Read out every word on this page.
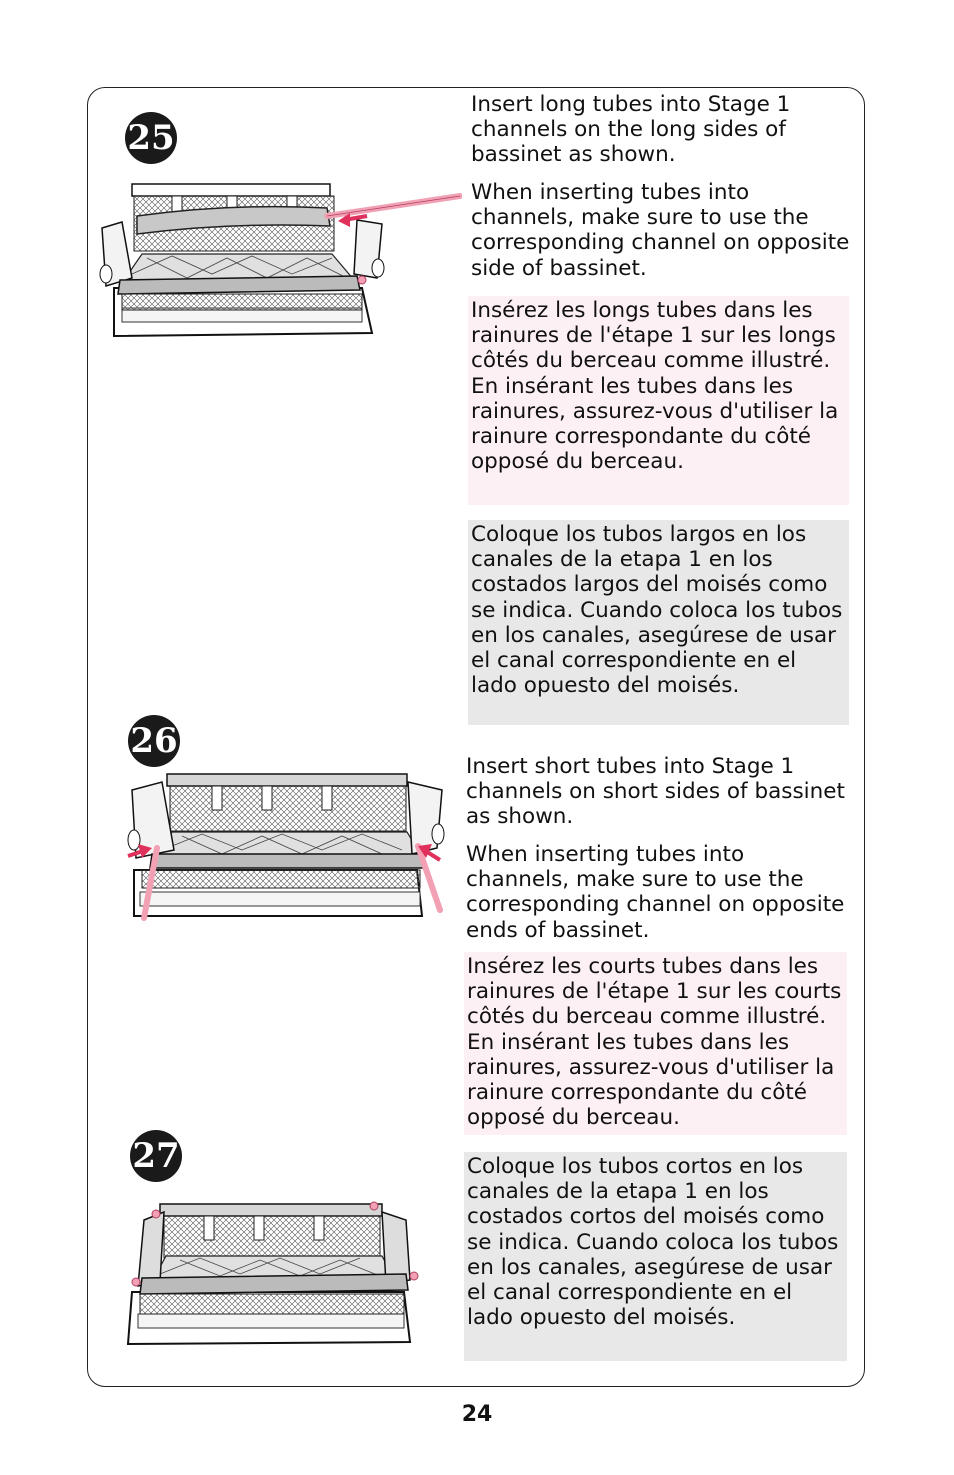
25

Insert long tubes into Stage 1 channels on the long sides of bassinet as shown.

When inserting tubes into channels, make sure to use the corresponding channel on opposite side of bassinet.

Insérez les longs tubes dans les rainures de l'étape 1 sur les longs côtés du berceau comme illustré. En insérant les tubes dans les rainures, assurez-vous d'utiliser la rainure correspondante du côté opposé du berceau.

Coloque los tubos largos en los canales de la etapa 1 en los costados largos del moisés como se indica. Cuando coloca los tubos en los canales, asegúrese de usar el canal correspondiente en el lado opuesto del moisés.

26

Insert short tubes into Stage 1 channels on short sides of bassinet as shown.

When inserting tubes into channels, make sure to use the corresponding channel on opposite ends of bassinet.

Insérez les courts tubes dans les rainures de l'étape 1 sur les courts côtés du berceau comme illustré. En insérant les tubes dans les rainures, assurez-vous d'utiliser la rainure correspondante du côté opposé du berceau.

27	Coloque los tubos cortos en los canales de la etapa 1 en los costados cortos del moisés como se indica. Cuando coloca los tubos en los canales, asegúrese de usar el canal correspondiente en el lado opuesto del moisés.

24
